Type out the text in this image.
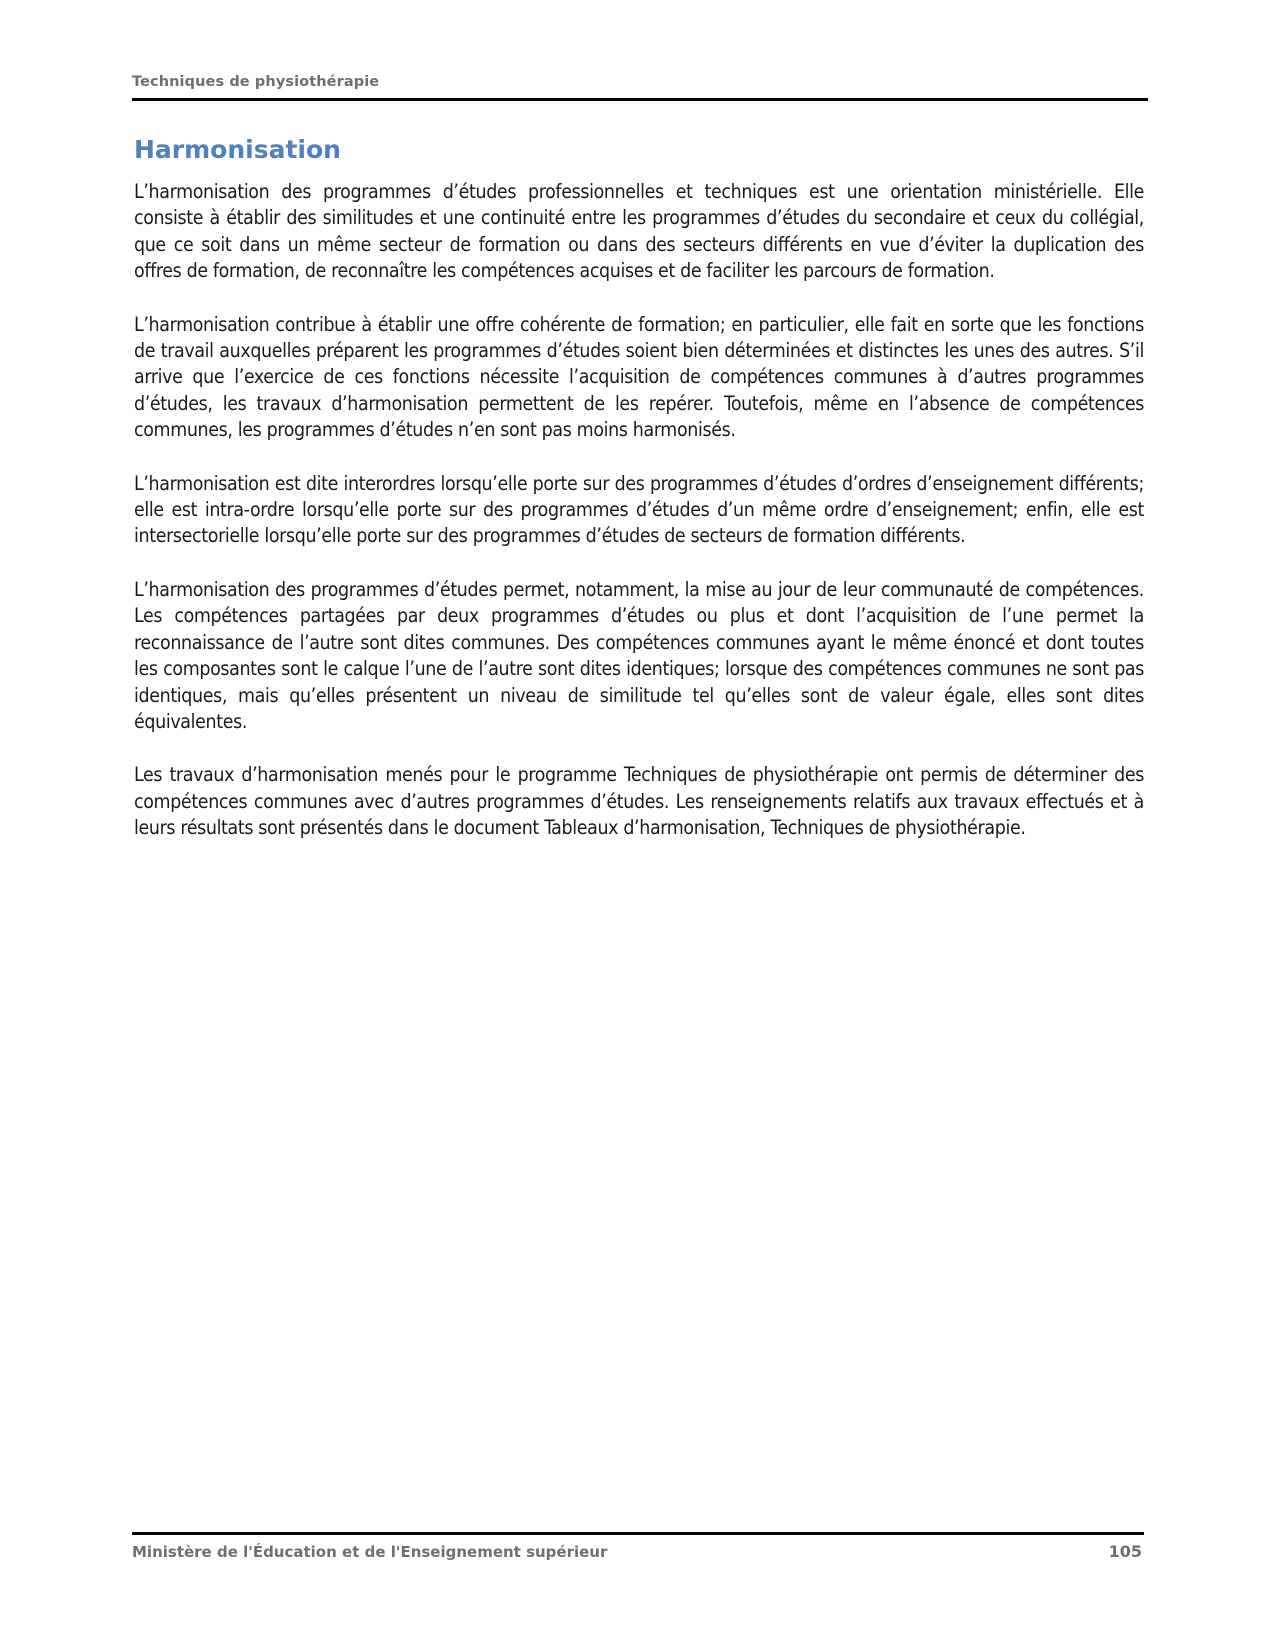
Techniques de physiothérapie
Harmonisation

L’harmonisation des programmes d’études professionnelles et techniques est une orientation ministérielle. Elle consiste à établir des similitudes et une continuité entre les programmes d’études du secondaire et ceux du collégial, que ce soit dans un même secteur de formation ou dans des secteurs différents en vue d’éviter la duplication des offres de formation, de reconnaître les compétences acquises et de faciliter les parcours de formation.

L’harmonisation contribue à établir une offre cohérente de formation; en particulier, elle fait en sorte que les fonctions de travail auxquelles préparent les programmes d’études soient bien déterminées et distinctes les unes des autres. S’il arrive que l’exercice de ces fonctions nécessite l’acquisition de compétences communes à d’autres programmes d’études, les travaux d’harmonisation permettent de les repérer. Toutefois, même en l’absence de compétences communes, les programmes d’études n’en sont pas moins harmonisés.

L’harmonisation est dite interordres lorsqu’elle porte sur des programmes d’études d’ordres d’enseignement différents; elle est intra-ordre lorsqu’elle porte sur des programmes d’études d’un même ordre d’enseignement; enfin, elle est intersectorielle lorsqu’elle porte sur des programmes d’études de secteurs de formation différents.

L’harmonisation des programmes d’études permet, notamment, la mise au jour de leur communauté de compétences. Les compétences partagées par deux programmes d’études ou plus et dont l’acquisition de l’une permet la reconnaissance de l’autre sont dites communes. Des compétences communes ayant le même énoncé et dont toutes les composantes sont le calque l’une de l’autre sont dites identiques; lorsque des compétences communes ne sont pas identiques, mais qu’elles présentent un niveau de similitude tel qu’elles sont de valeur égale, elles sont dites équivalentes.

Les travaux d’harmonisation menés pour le programme Techniques de physiothérapie ont permis de déterminer des compétences communes avec d’autres programmes d’études. Les renseignements relatifs aux travaux effectués et à leurs résultats sont présentés dans le document Tableaux d’harmonisation, Techniques de physiothérapie.

Ministère de l'Éducation et de l'Enseignement supérieur	105
